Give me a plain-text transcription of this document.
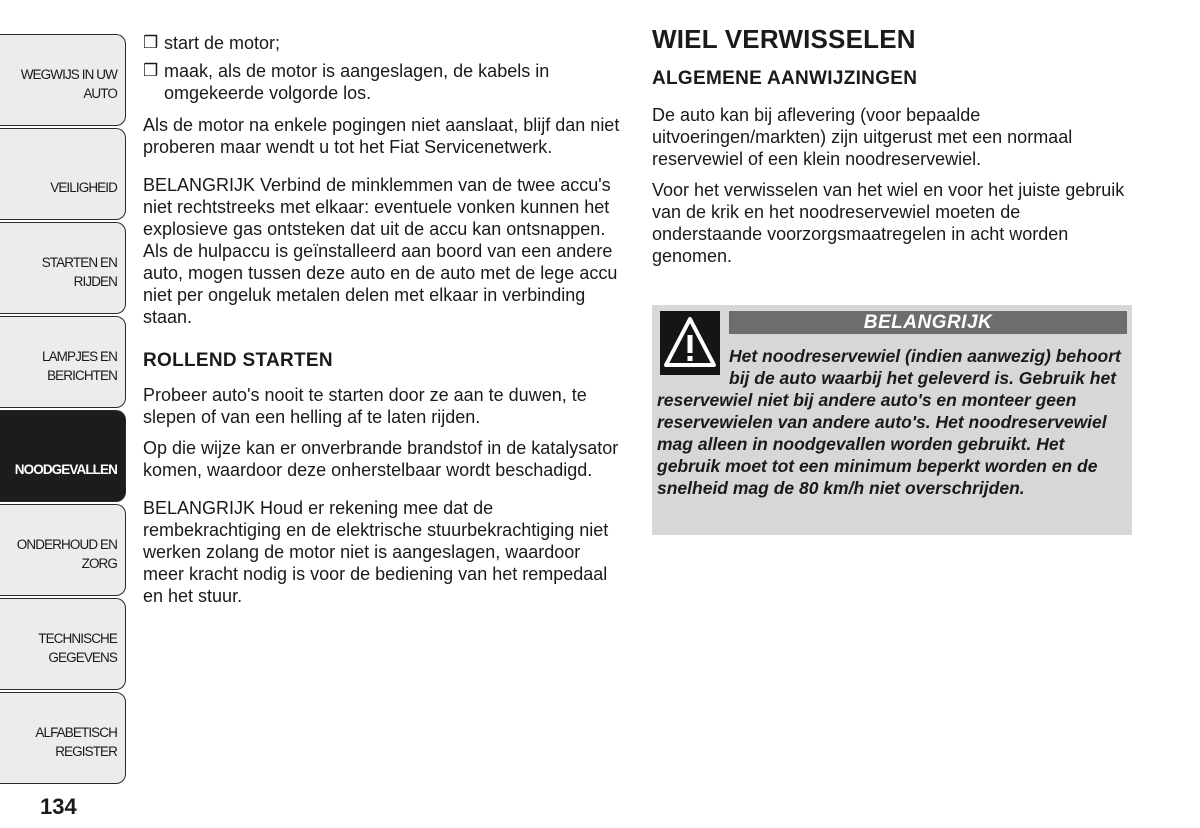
WEGWIJS IN UW
AUTO
VEILIGHEID
STARTEN EN RIJDEN
LAMPJES EN
BERICHTEN
NOODGEVALLEN
ONDERHOUD EN
ZORG
TECHNISCHE
GEGEVENS
ALFABETISCH
REGISTER
134
❒ start de motor;
❒ maak, als de motor is aangeslagen, de kabels in omgekeerde volgorde los.

Als de motor na enkele pogingen niet aanslaat, blijf dan niet proberen maar wendt u tot het Fiat Servicenetwerk.

BELANGRIJK Verbind de minklemmen van de twee accu's niet rechtstreeks met elkaar: eventuele vonken kunnen het explosieve gas ontsteken dat uit de accu kan ontsnappen. Als de hulpaccu is geïnstalleerd aan boord van een andere auto, mogen tussen deze auto en de auto met de lege accu niet per ongeluk metalen delen met elkaar in verbinding staan.

ROLLEND STARTEN

Probeer auto's nooit te starten door ze aan te duwen, te slepen of van een helling af te laten rijden.

Op die wijze kan er onverbrande brandstof in de katalysator komen, waardoor deze onherstelbaar wordt beschadigd.

BELANGRIJK Houd er rekening mee dat de rembekrachtiging en de elektrische stuurbekrachtiging niet werken zolang de motor niet is aangeslagen, waardoor meer kracht nodig is voor de bediening van het rempedaal en het stuur.

WIEL VERWISSELEN
ALGEMENE AANWIJZINGEN

De auto kan bij aflevering (voor bepaalde uitvoeringen/markten) zijn uitgerust met een normaal reservewiel of een klein noodreservewiel.

Voor het verwisselen van het wiel en voor het juiste gebruik van de krik en het noodreservewiel moeten de onderstaande voorzorgsmaatregelen in acht worden genomen.

BELANGRIJK
Het noodreservewiel (indien aanwezig) behoort bij de auto waarbij het geleverd is. Gebruik het reservewiel niet bij andere auto's en monteer geen reservewielen van andere auto's. Het noodreservewiel mag alleen in noodgevallen worden gebruikt. Het gebruik moet tot een minimum beperkt worden en de snelheid mag de 80 km/h niet overschrijden.
